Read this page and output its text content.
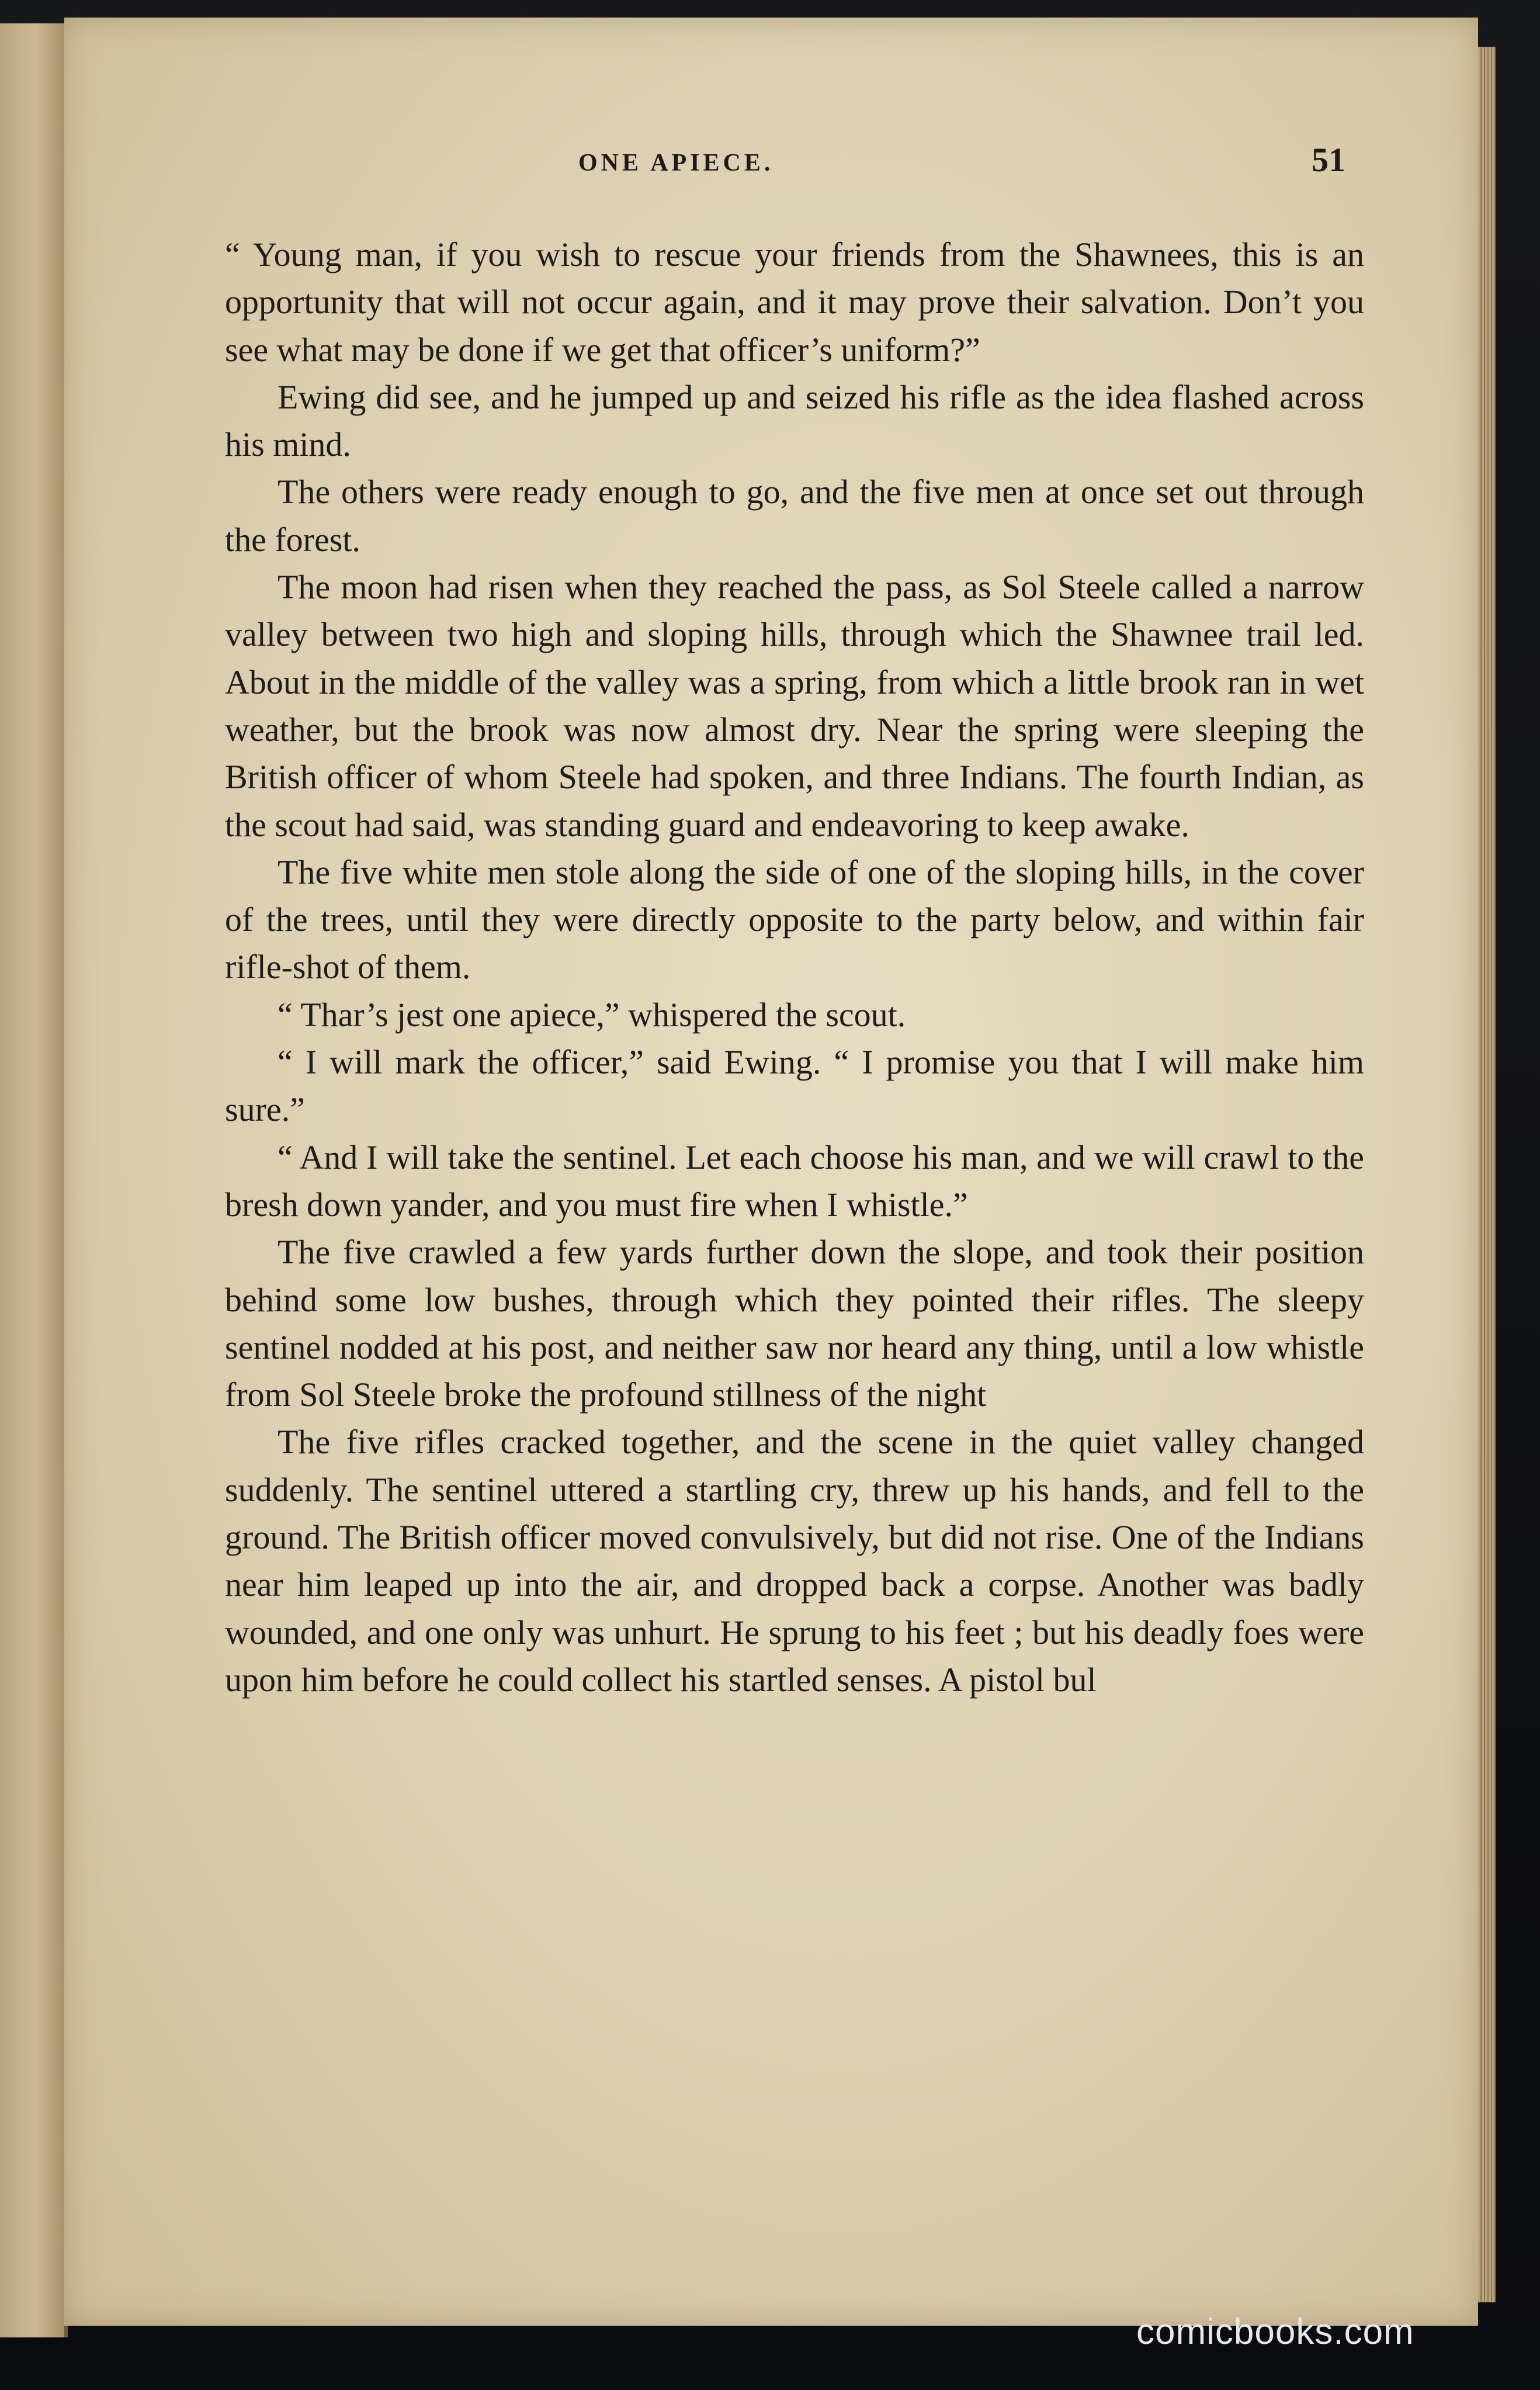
ONE APIECE.	51

“ Young man, if you wish to rescue your friends from the Shawnees, this is an opportunity that will not occur again, and it may prove their salvation. Don’t you see what may be done if we get that officer’s uniform?”

Ewing did see, and he jumped up and seized his rifle as the idea flashed across his mind.

The others were ready enough to go, and the five men at once set out through the forest.

The moon had risen when they reached the pass, as Sol Steele called a narrow valley between two high and sloping hills, through which the Shawnee trail led. About in the middle of the valley was a spring, from which a little brook ran in wet weather, but the brook was now almost dry. Near the spring were sleeping the British officer of whom Steele had spoken, and three Indians. The fourth Indian, as the scout had said, was standing guard and endeavoring to keep awake.

The five white men stole along the side of one of the sloping hills, in the cover of the trees, until they were directly opposite to the party below, and within fair rifle-shot of them.

“ Thar’s jest one apiece,” whispered the scout.

“ I will mark the officer,” said Ewing. “ I promise you that I will make him sure.”

“ And I will take the sentinel. Let each choose his man, and we will crawl to the bresh down yander, and you must fire when I whistle.”

The five crawled a few yards further down the slope, and took their position behind some low bushes, through which they pointed their rifles. The sleepy sentinel nodded at his post, and neither saw nor heard any thing, until a low whistle from Sol Steele broke the profound stillness of the night

The five rifles cracked together, and the scene in the quiet valley changed suddenly. The sentinel uttered a startling cry, threw up his hands, and fell to the ground. The British officer moved convulsively, but did not rise. One of the Indians near him leaped up into the air, and dropped back a corpse. Another was badly wounded, and one only was unhurt. He sprung to his feet ; but his deadly foes were upon him before he could collect his startled senses. A pistol bul

comicbooks.com
